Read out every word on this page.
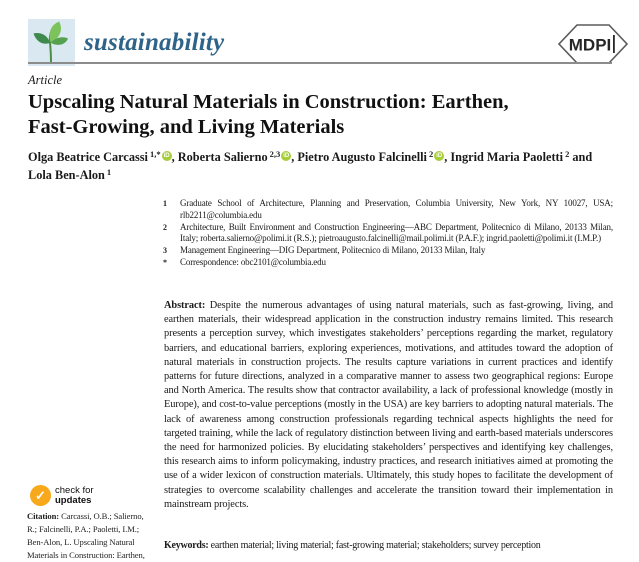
sustainability	MDPI
Article
Upscaling Natural Materials in Construction: Earthen,
Fast-Growing, and Living Materials
Olga Beatrice Carcassi $^{1,*}$ iD , Roberta Salierno $^{2,3}$ iD , Pietro Augusto Falcinelli $^2$ iD , Ingrid Maria Paoletti $^2$ and Lola Ben-Alon $^1$
1	Graduate School of Architecture, Planning and Preservation, Columbia University, New York, NY 10027, USA; rlb2211@columbia.edu
2	Architecture, Built Environment and Construction Engineering—ABC Department, Politecnico di Milano, 20133 Milan, Italy; roberta.salierno@polimi.it (R.S.); pietroaugusto.falcinelli@mail.polimi.it (P.A.F.); ingrid.paoletti@polimi.it (I.M.P.)
3	Management Engineering—DIG Department, Politecnico di Milano, 20133 Milan, Italy
*	Correspondence: obc2101@columbia.edu

Abstract: Despite the numerous advantages of using natural materials, such as fast-growing, living, and earthen materials, their widespread application in the construction industry remains limited. This research presents a perception survey, which investigates stakeholders’ perceptions regarding the market, regulatory barriers, and educational barriers, exploring experiences, motivations, and attitudes toward the adoption of natural materials in construction projects. The results capture variations in current practices and identify patterns for future directions, analyzed in a comparative manner to assess two geographical regions: Europe and North America. The results show that contractor availability, a lack of professional knowledge (mostly in Europe), and cost-to-value perceptions (mostly in the USA) are key barriers to adopting natural materials. The lack of awareness among construction professionals regarding technical aspects highlights the need for targeted training, while the lack of regulatory distinction between living and earth-based materials underscores the need for harmonized policies. By elucidating stakeholders’ perspectives and identifying key challenges, this research aims to inform policymaking, industry practices, and research initiatives aimed at promoting the use of a wider lexicon of construction materials. Ultimately, this study hopes to facilitate the development of strategies to overcome scalability challenges and accelerate the transition toward their implementation in mainstream projects.

Keywords: earthen material; living material; fast-growing material; stakeholders; survey perception

✓ check for
updates
Citation: Carcassi, O.B.; Salierno, R.; Falcinelli, P.A.; Paoletti, I.M.; Ben-Alon, L. Upscaling Natural Materials in Construction: Earthen,
